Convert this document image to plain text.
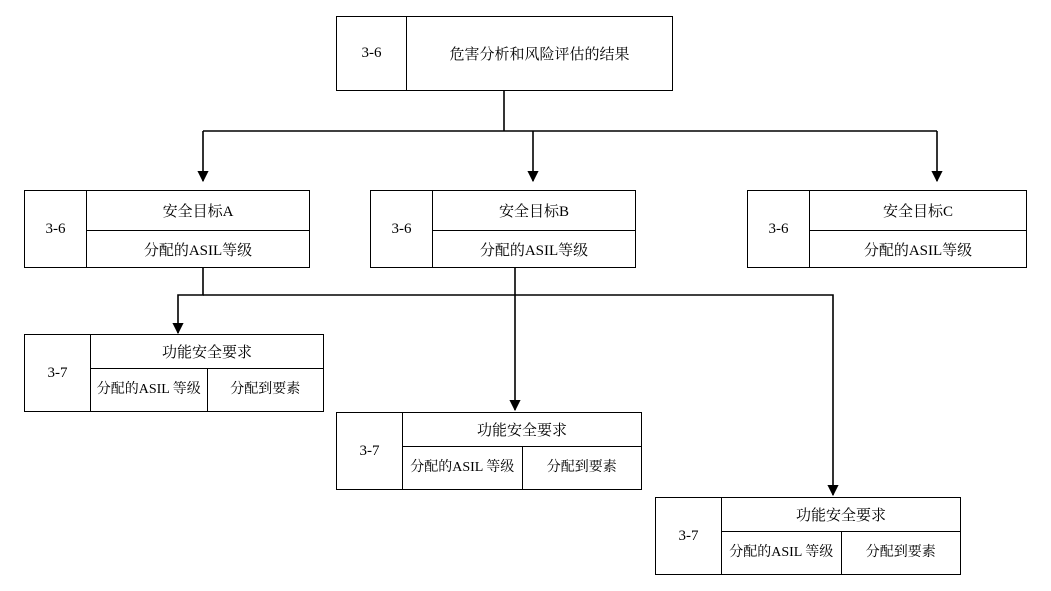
3-6	危害分析和风险评估的结果
3-6
安全目标A
分配的ASIL等级
3-6
安全目标B
分配的ASIL等级
3-6
安全目标C
分配的ASIL等级
3-7
功能安全要求
分配的ASIL 等级	分配到要素
3-7
功能安全要求
分配的ASIL 等级	分配到要素
3-7
功能安全要求
分配的ASIL 等级	分配到要素
